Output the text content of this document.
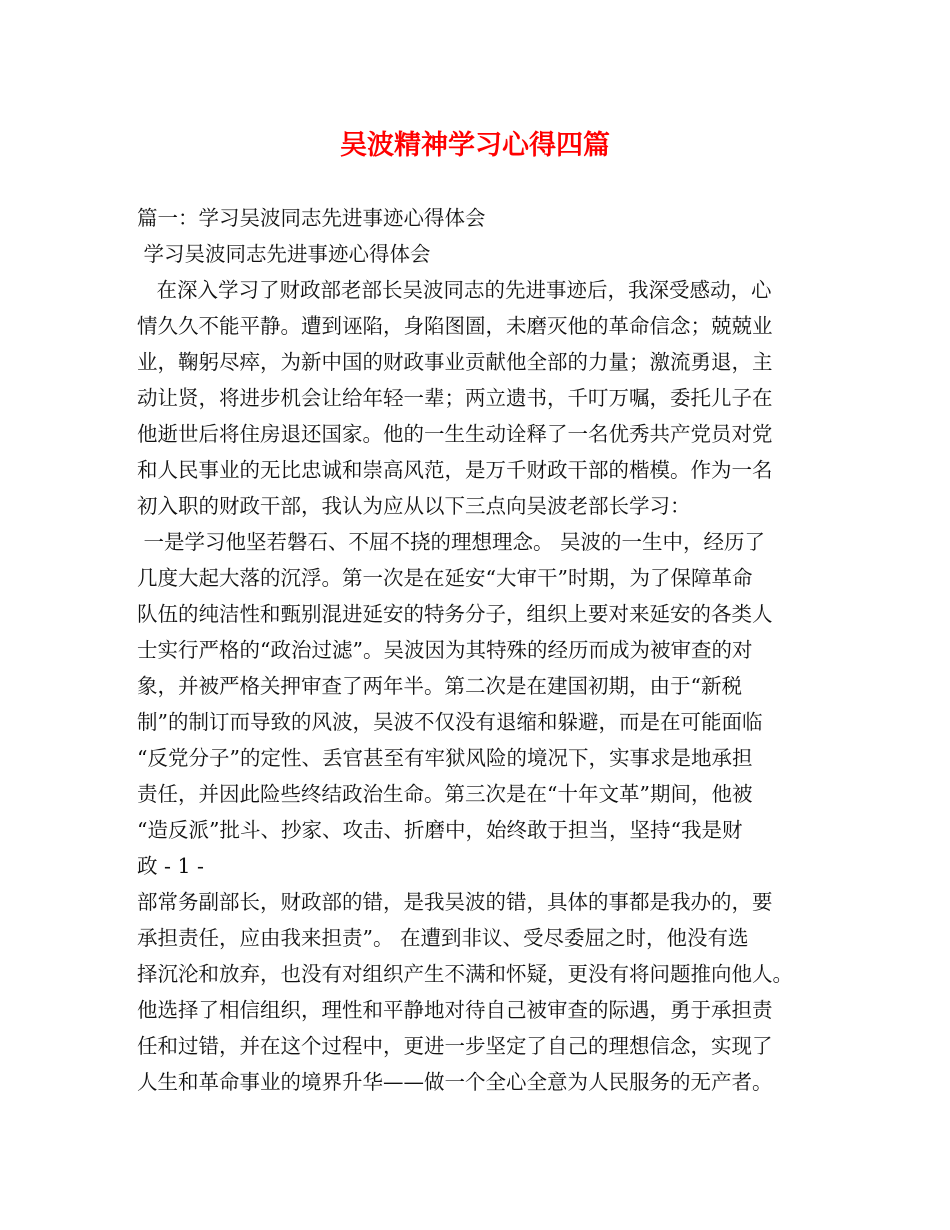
吴波精神学习心得四篇
篇一：学习吴波同志先进事迹心得体会
学习吴波同志先进事迹心得体会
在深入学习了财政部老部长吴波同志的先进事迹后，我深受感动，心
情久久不能平静。遭到诬陷，身陷图圄，未磨灭他的革命信念；兢兢业
业，鞠躬尽瘁，为新中国的财政事业贡献他全部的力量；激流勇退，主
动让贤，将进步机会让给年轻一辈；两立遗书，千叮万嘱，委托儿子在
他逝世后将住房退还国家。他的一生生动诠释了一名优秀共产党员对党
和人民事业的无比忠诚和崇高风范，是万千财政干部的楷模。作为一名
初入职的财政干部，我认为应从以下三点向吴波老部长学习：
一是学习他坚若磐石、不屈不挠的理想理念。 吴波的一生中，经历了
几度大起大落的沉浮。第一次是在延安“大审干”时期，为了保障革命
队伍的纯洁性和甄别混进延安的特务分子，组织上要对来延安的各类人
士实行严格的“政治过滤”。吴波因为其特殊的经历而成为被审查的对
象，并被严格关押审查了两年半。第二次是在建国初期，由于“新税
制”的制订而导致的风波，吴波不仅没有退缩和躲避，而是在可能面临
“反党分子”的定性、丢官甚至有牢狱风险的境况下，实事求是地承担
责任，并因此险些终结政治生命。第三次是在“十年文革”期间，他被
“造反派”批斗、抄家、攻击、折磨中，始终敢于担当，坚持“我是财
政 - 1 -
部常务副部长，财政部的错，是我吴波的错，具体的事都是我办的，要
承担责任，应由我来担责”。 在遭到非议、受尽委屈之时，他没有选
择沉沦和放弃，也没有对组织产生不满和怀疑，更没有将问题推向他人。
他选择了相信组织，理性和平静地对待自己被审查的际遇，勇于承担责
任和过错，并在这个过程中，更进一步坚定了自己的理想信念，实现了
人生和革命事业的境界升华——做一个全心全意为人民服务的无产者。
